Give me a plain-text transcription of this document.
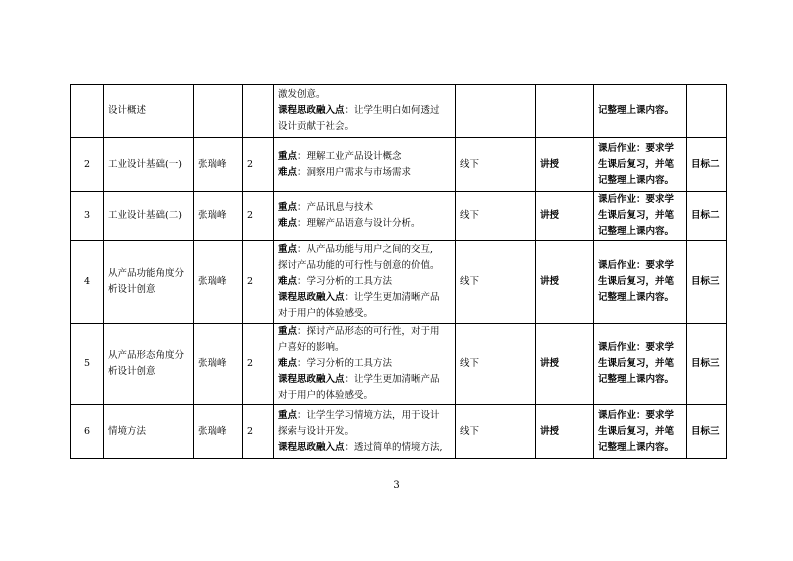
	设计概述			激发创意。
课程思政融入点：让学生明白如何透过
设计贡献于社会。			记整理上课内容。	

2	工业设计基础(一)	张瑞峰	2	重点：理解工业产品设计概念
难点：洞察用户需求与市场需求	线下	讲授	课后作业：要求学
生课后复习，并笔
记整理上课内容。	目标二
3	工业设计基础(二)	张瑞峰	2	重点：产品讯息与技术
难点：理解产品语意与设计分析。	线下	讲授	课后作业：要求学
生课后复习，并笔
记整理上课内容。	目标二
4	从产品功能角度分
析设计创意	张瑞峰	2	重点：从产品功能与用户之间的交互,
探讨产品功能的可行性与创意的价值。
难点：学习分析的工具方法
课程思政融入点：让学生更加清晰产品
对于用户的体验感受。	线下	讲授	课后作业：要求学
生课后复习，并笔
记整理上课内容。	目标三
5	从产品形态角度分
析设计创意	张瑞峰	2	重点：探讨产品形态的可行性，对于用
户喜好的影响。
难点：学习分析的工具方法
课程思政融入点：让学生更加清晰产品
对于用户的体验感受。	线下	讲授	课后作业：要求学
生课后复习，并笔
记整理上课内容。	目标三
6	情境方法	张瑞峰	2	重点：让学生学习情境方法，用于设计
探索与设计开发。
课程思政融入点：透过简单的情境方法,	线下	讲授	课后作业：要求学
生课后复习，并笔
记整理上课内容。	目标三
3
